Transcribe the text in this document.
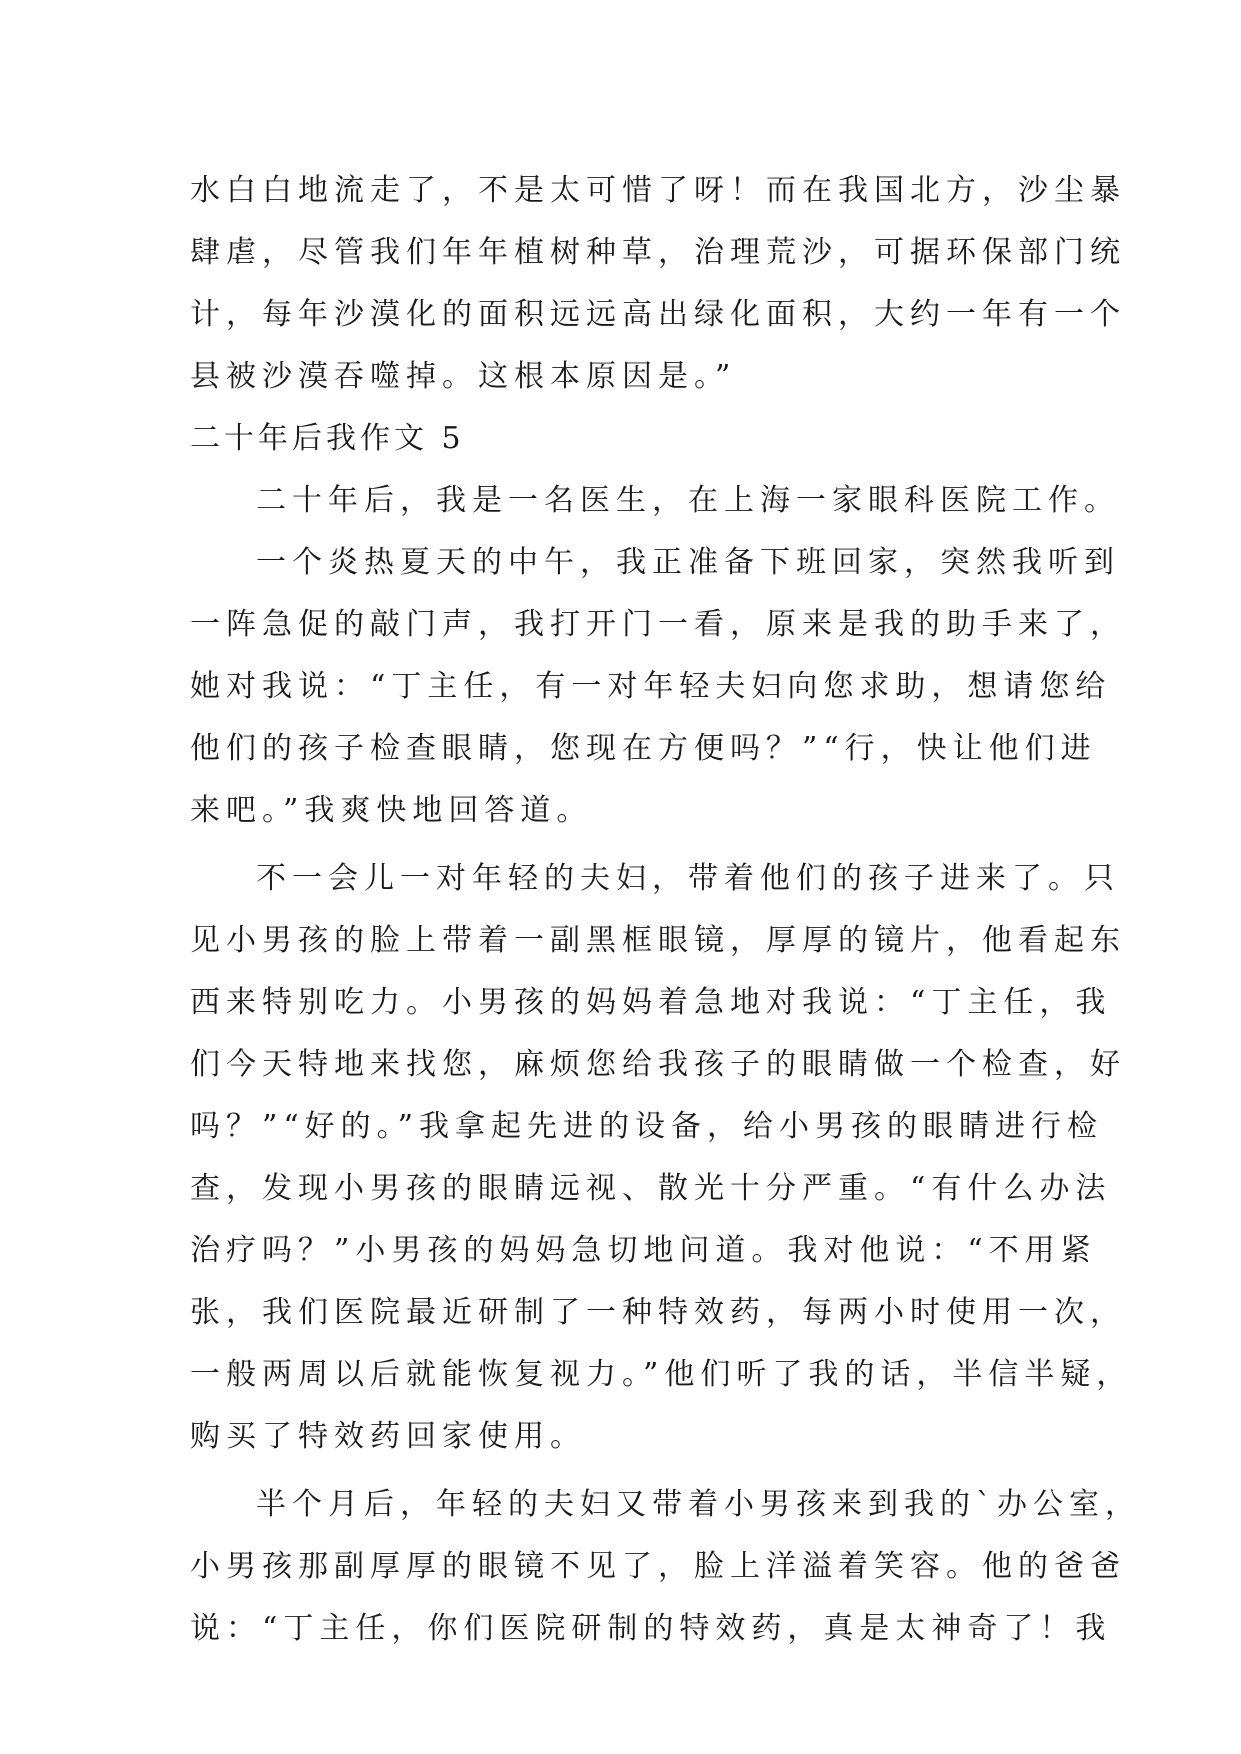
水白白地流走了，不是太可惜了呀！而在我国北方，沙尘暴
肆虐，尽管我们年年植树种草，治理荒沙，可据环保部门统
计，每年沙漠化的面积远远高出绿化面积，大约一年有一个
县被沙漠吞噬掉。这根本原因是。”
二十年后我作文 5
二十年后，我是一名医生，在上海一家眼科医院工作。
一个炎热夏天的中午，我正准备下班回家，突然我听到
一阵急促的敲门声，我打开门一看，原来是我的助手来了，
她对我说：“丁主任，有一对年轻夫妇向您求助，想请您给
他们的孩子检查眼睛，您现在方便吗？”“行，快让他们进
来吧。”我爽快地回答道。
不一会儿一对年轻的夫妇，带着他们的孩子进来了。只
见小男孩的脸上带着一副黑框眼镜，厚厚的镜片，他看起东
西来特别吃力。小男孩的妈妈着急地对我说：“丁主任，我
们今天特地来找您，麻烦您给我孩子的眼睛做一个检查，好
吗？”“好的。”我拿起先进的设备，给小男孩的眼睛进行检
查，发现小男孩的眼睛远视、散光十分严重。“有什么办法
治疗吗？”小男孩的妈妈急切地问道。我对他说：“不用紧
张，我们医院最近研制了一种特效药，每两小时使用一次，
一般两周以后就能恢复视力。”他们听了我的话，半信半疑，
购买了特效药回家使用。
半个月后，年轻的夫妇又带着小男孩来到我的`办公室，
小男孩那副厚厚的眼镜不见了，脸上洋溢着笑容。他的爸爸
说：“丁主任，你们医院研制的特效药，真是太神奇了！我
